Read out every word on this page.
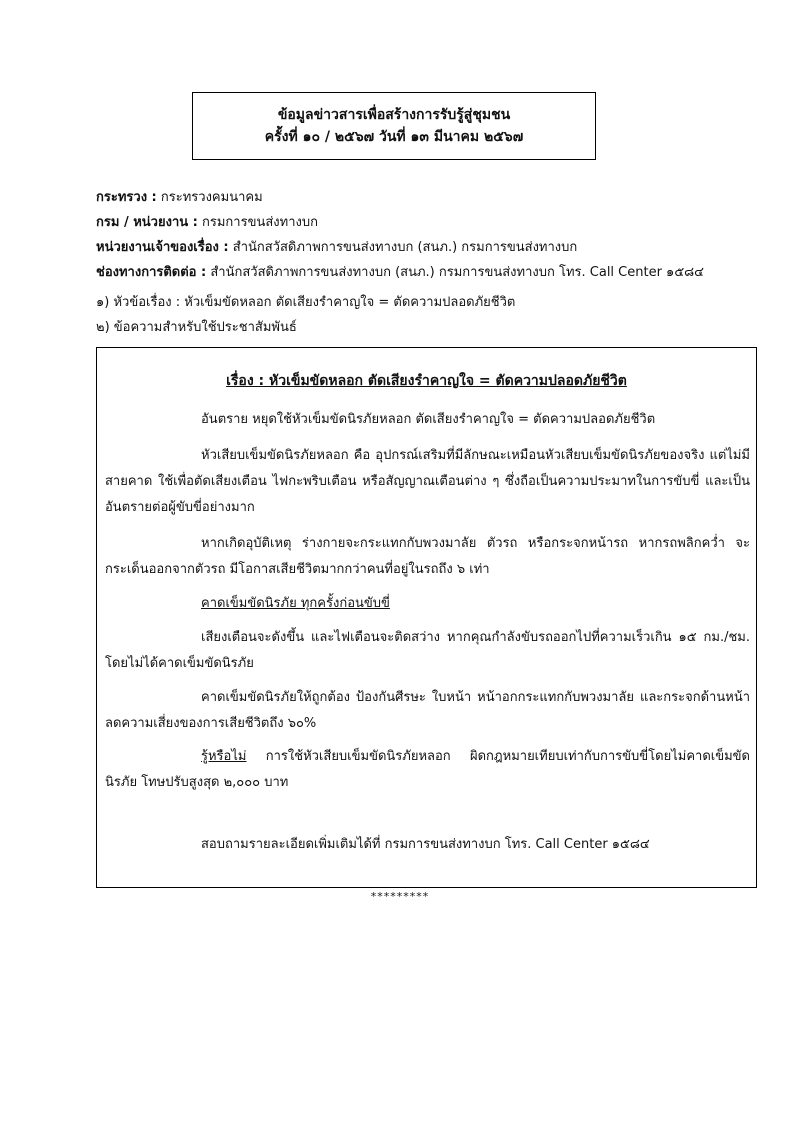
ข้อมูลข่าวสารเพื่อสร้างการรับรู้สู่ชุมชน
ครั้งที่ ๑๐ / ๒๕๖๗ วันที่ ๑๓ มีนาคม ๒๕๖๗
กระทรวง : กระทรวงคมนาคม
กรม / หน่วยงาน : กรมการขนส่งทางบก
หน่วยงานเจ้าของเรื่อง : สำนักสวัสดิภาพการขนส่งทางบก (สนภ.) กรมการขนส่งทางบก
ช่องทางการติดต่อ : สำนักสวัสดิภาพการขนส่งทางบก (สนภ.) กรมการขนส่งทางบก โทร. Call Center ๑๕๘๔
๑) หัวข้อเรื่อง : หัวเข็มขัดหลอก ตัดเสียงรำคาญใจ = ตัดความปลอดภัยชีวิต
๒) ข้อความสำหรับใช้ประชาสัมพันธ์
เรื่อง : หัวเข็มขัดหลอก ตัดเสียงรำคาญใจ = ตัดความปลอดภัยชีวิต
อันตราย หยุดใช้หัวเข็มขัดนิรภัยหลอก ตัดเสียงรำคาญใจ = ตัดความปลอดภัยชีวิต
หัวเสียบเข็มขัดนิรภัยหลอก คือ อุปกรณ์เสริมที่มีลักษณะเหมือนหัวเสียบเข็มขัดนิรภัยของจริง แต่ไม่มีสายคาด ใช้เพื่อตัดเสียงเตือน ไฟกะพริบเตือน หรือสัญญาณเตือนต่าง ๆ ซึ่งถือเป็นความประมาทในการขับขี่ และเป็นอันตรายต่อผู้ขับขี่อย่างมาก
หากเกิดอุบัติเหตุ ร่างกายจะกระแทกกับพวงมาลัย ตัวรถ หรือกระจกหน้ารถ หากรถพลิกคว่ำ จะกระเด็นออกจากตัวรถ มีโอกาสเสียชีวิตมากกว่าคนที่อยู่ในรถถึง ๖ เท่า
คาดเข็มขัดนิรภัย ทุกครั้งก่อนขับขี่
เสียงเตือนจะดังขึ้น และไฟเตือนจะติดสว่าง หากคุณกำลังขับรถออกไปที่ความเร็วเกิน ๑๕ กม./ชม. โดยไม่ได้คาดเข็มขัดนิรภัย
คาดเข็มขัดนิรภัยให้ถูกต้อง ป้องกันศีรษะ ใบหน้า หน้าอกกระแทกกับพวงมาลัย และกระจกด้านหน้า ลดความเสี่ยงของการเสียชีวิตถึง ๖๐%
รู้หรือไม่ การใช้หัวเสียบเข็มขัดนิรภัยหลอก ผิดกฎหมายเทียบเท่ากับการขับขี่โดยไม่คาดเข็มขัดนิรภัย โทษปรับสูงสุด ๒,๐๐๐ บาท
สอบถามรายละเอียดเพิ่มเติมได้ที่ กรมการขนส่งทางบก โทร. Call Center ๑๕๘๔
*********
